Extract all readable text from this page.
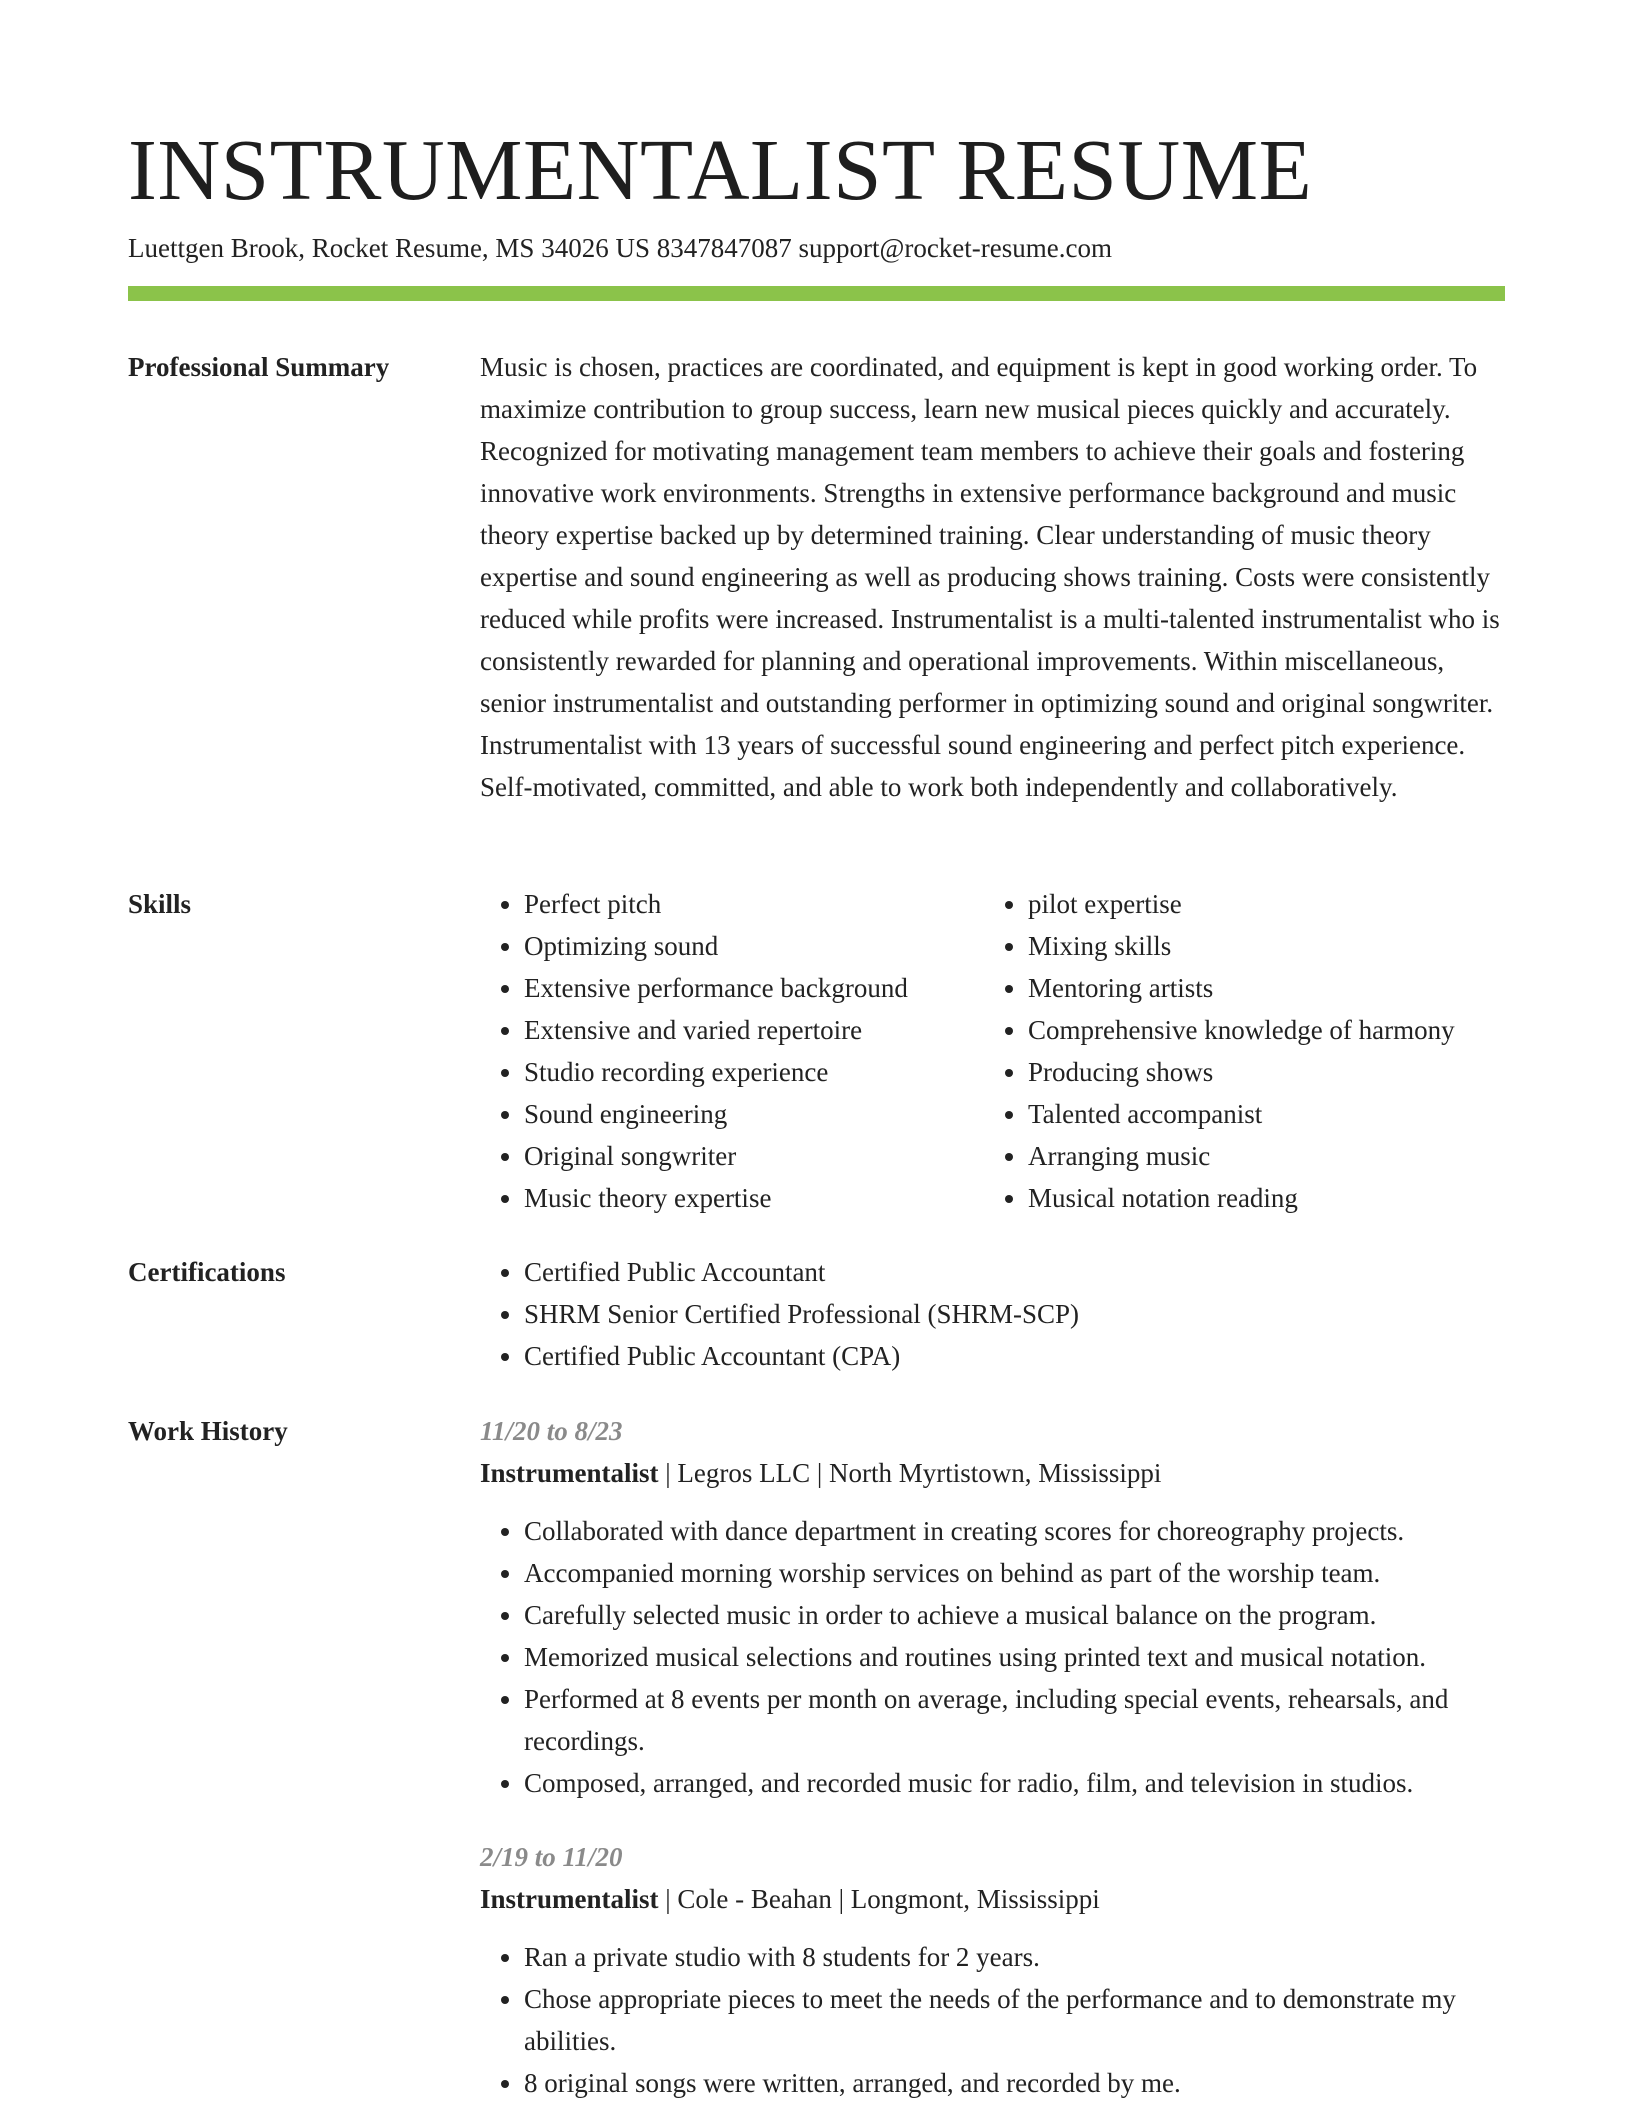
INSTRUMENTALIST RESUME
Luettgen Brook, Rocket Resume, MS 34026 US 8347847087 support@rocket-resume.com
Professional Summary	Music is chosen, practices are coordinated, and equipment is kept in good working order. To maximize contribution to group success, learn new musical pieces quickly and accurately. Recognized for motivating management team members to achieve their goals and fostering innovative work environments. Strengths in extensive performance background and music theory expertise backed up by determined training. Clear understanding of music theory expertise and sound engineering as well as producing shows training. Costs were consistently reduced while profits were increased. Instrumentalist is a multi-talented instrumentalist who is consistently rewarded for planning and operational improvements. Within miscellaneous, senior instrumentalist and outstanding performer in optimizing sound and original songwriter. Instrumentalist with 13 years of successful sound engineering and perfect pitch experience. Self-motivated, committed, and able to work both independently and collaboratively.

Skills	• Perfect pitch
• Optimizing sound
• Extensive performance background
• Extensive and varied repertoire
• Studio recording experience
• Sound engineering
• Original songwriter
• Music theory expertise
• pilot expertise
• Mixing skills
• Mentoring artists
• Comprehensive knowledge of harmony
• Producing shows
• Talented accompanist
• Arranging music
• Musical notation reading
Certifications	• Certified Public Accountant
• SHRM Senior Certified Professional (SHRM-SCP)
• Certified Public Accountant (CPA)
Work History	11/20 to 8/23
Instrumentalist | Legros LLC | North Myrtistown, Mississippi
• Collaborated with dance department in creating scores for choreography projects.
• Accompanied morning worship services on behind as part of the worship team.
• Carefully selected music in order to achieve a musical balance on the program.
• Memorized musical selections and routines using printed text and musical notation.
• Performed at 8 events per month on average, including special events, rehearsals, and recordings.
• Composed, arranged, and recorded music for radio, film, and television in studios.
2/19 to 11/20
Instrumentalist | Cole - Beahan | Longmont, Mississippi
• Ran a private studio with 8 students for 2 years.
• Chose appropriate pieces to meet the needs of the performance and to demonstrate my abilities.
• 8 original songs were written, arranged, and recorded by me.
